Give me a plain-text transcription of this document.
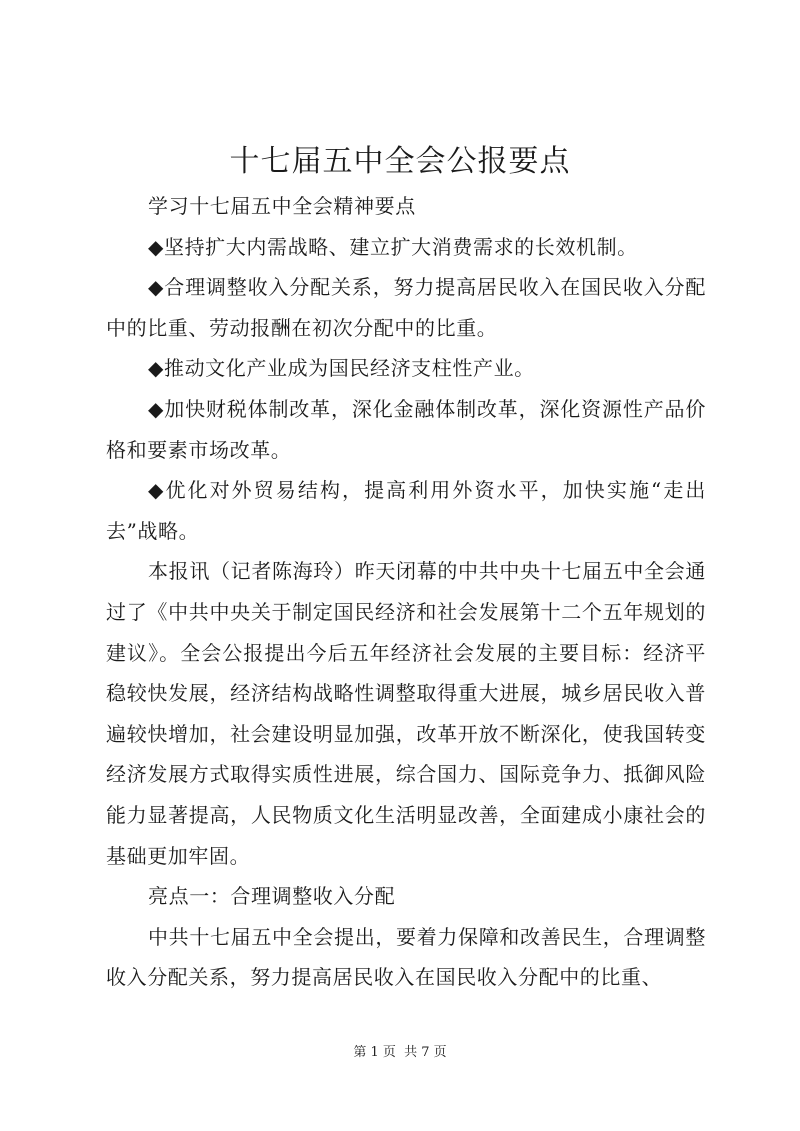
十七届五中全会公报要点

学习十七届五中全会精神要点

◆坚持扩大内需战略、建立扩大消费需求的长效机制。

◆合理调整收入分配关系，努力提高居民收入在国民收入分配中的比重、劳动报酬在初次分配中的比重。

◆推动文化产业成为国民经济支柱性产业。

◆加快财税体制改革，深化金融体制改革，深化资源性产品价格和要素市场改革。

◆优化对外贸易结构，提高利用外资水平，加快实施“走出去”战略。

本报讯（记者陈海玲）昨天闭幕的中共中央十七届五中全会通过了《中共中央关于制定国民经济和社会发展第十二个五年规划的建议》。全会公报提出今后五年经济社会发展的主要目标：经济平稳较快发展，经济结构战略性调整取得重大进展，城乡居民收入普遍较快增加，社会建设明显加强，改革开放不断深化，使我国转变经济发展方式取得实质性进展，综合国力、国际竞争力、抵御风险能力显著提高，人民物质文化生活明显改善，全面建成小康社会的基础更加牢固。

亮点一：合理调整收入分配

中共十七届五中全会提出，要着力保障和改善民生，合理调整收入分配关系，努力提高居民收入在国民收入分配中的比重、

第 1 页 共 7 页
